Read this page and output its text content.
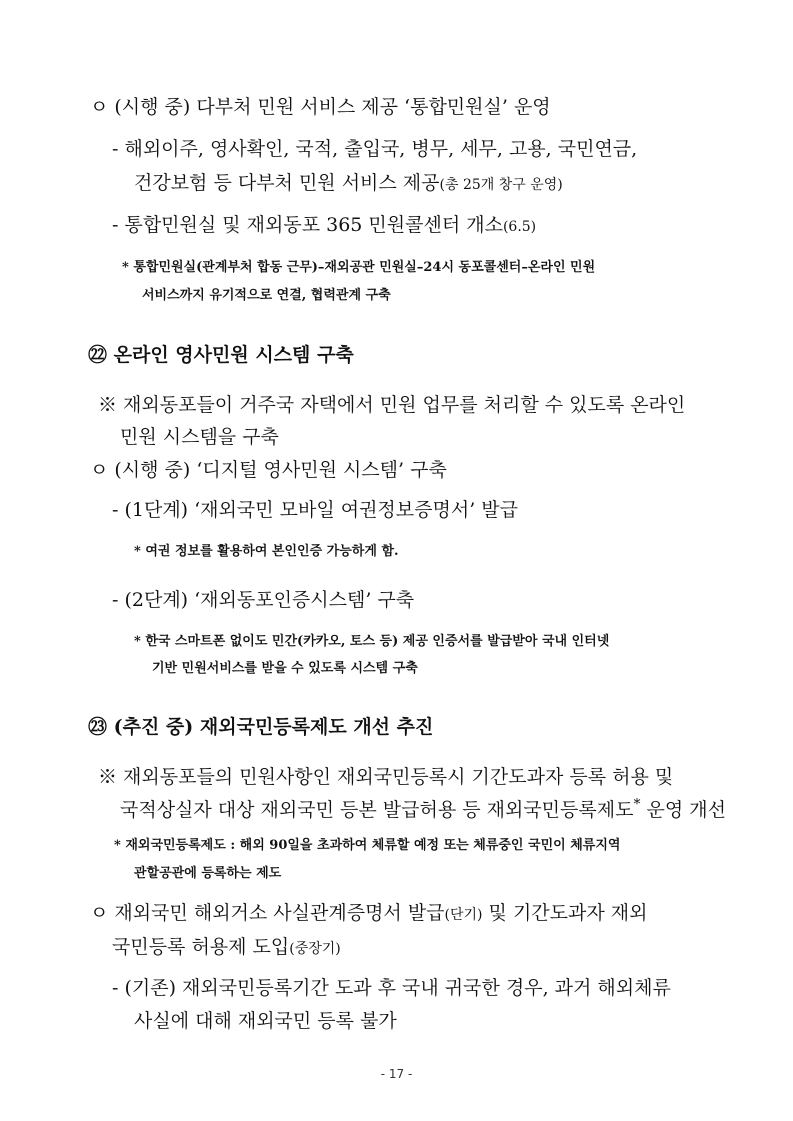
ㅇ (시행 중) 다부처 민원 서비스 제공 ‘통합민원실’ 운영
- 해외이주, 영사확인, 국적, 출입국, 병무, 세무, 고용, 국민연금,
건강보험 등 다부처 민원 서비스 제공(총 25개 창구 운영)
- 통합민원실 및 재외동포 365 민원콜센터 개소(6.5)
* 통합민원실(관계부처 합동 근무)–재외공관 민원실–24시 동포콜센터–온라인 민원
서비스까지 유기적으로 연결, 협력관계 구축
㉒ 온라인 영사민원 시스템 구축
※ 재외동포들이 거주국 자택에서 민원 업무를 처리할 수 있도록 온라인
민원 시스템을 구축
ㅇ (시행 중) ‘디지털 영사민원 시스템’ 구축
- (1단계) ‘재외국민 모바일 여권정보증명서’ 발급
* 여권 정보를 활용하여 본인인증 가능하게 함.
- (2단계) ‘재외동포인증시스템’ 구축
* 한국 스마트폰 없이도 민간(카카오, 토스 등) 제공 인증서를 발급받아 국내 인터넷
기반 민원서비스를 받을 수 있도록 시스템 구축
㉓ (추진 중) 재외국민등록제도 개선 추진
※ 재외동포들의 민원사항인 재외국민등록시 기간도과자 등록 허용 및
국적상실자 대상 재외국민 등본 발급허용 등 재외국민등록제도* 운영 개선
* 재외국민등록제도 : 해외 90일을 초과하여 체류할 예정 또는 체류중인 국민이 체류지역
관할공관에 등록하는 제도
ㅇ 재외국민 해외거소 사실관계증명서 발급(단기) 및 기간도과자 재외
국민등록 허용제 도입(중장기)
- (기존) 재외국민등록기간 도과 후 국내 귀국한 경우, 과거 해외체류
사실에 대해 재외국민 등록 불가
- 17 -
